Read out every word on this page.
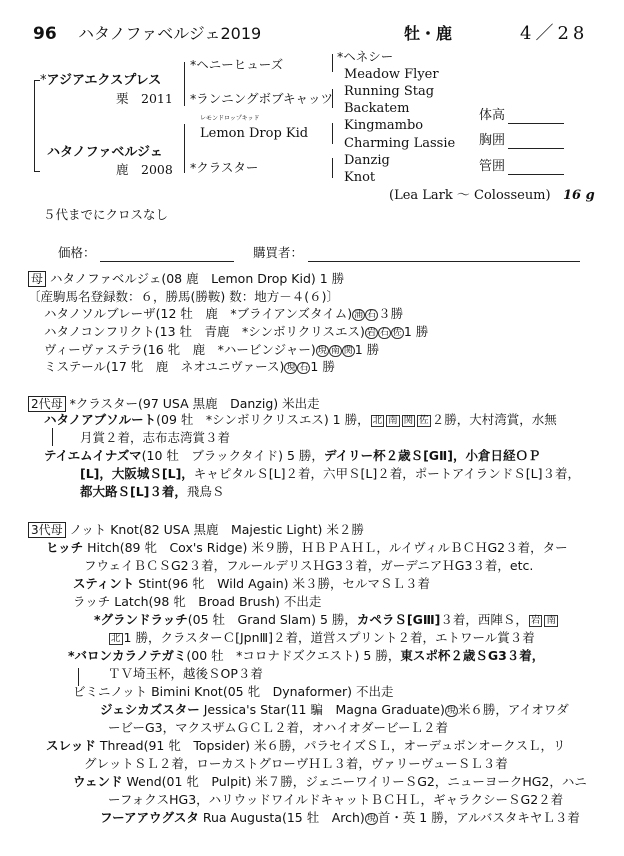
96 ハタノファベルジェ2019	牡・鹿	4／28
*アジアエクスプレス
栗　 2011
ハタノファベルジェ
鹿　 2008
*ヘニーヒューズ
*ランニングボブキャッツ
レモンドロップキッド
Lemon Drop Kid
*クラスター
*ヘネシー
Meadow Flyer
Running Stag
Backatem
Kingmambo
Charming Lassie
Danzig
Knot
(Lea Lark 〜 Colosseum) 16 g
体高
胸囲
管囲
５代までにクロスなし
価格：	購買者：
母 ハタノファベルジェ(08 鹿　Lemon Drop Kid) 1 勝
〔産駒馬名登録数：６，勝馬(勝鞍) 数：地方－４(６)〕
ハタノソルブレーザ(12 牡　鹿　*ブライアンズタイム) 浦 石 ３勝
ハタノコンフリクト(13 牡　青鹿　*シンボリクリスエス) 岩 石 佐 1 勝
ヴィーヴァステラ(16 牝　鹿　*ハービンジャー) 現 南 関 1 勝
ミステール(17 牝　鹿　ネオユニヴァース) 現 石 1 勝
2代母 *クラスター(97 USA 黒鹿　Danzig) 米出走
ハタノアブソルート(09 牡　*シンボリクリスエス) 1 勝， 北 南 関 佐 ２勝，大村湾賞，水無
月賞２着，志布志湾賞３着
テイエムイナズマ(10 牡　ブラックタイド) 5 勝，デイリー杯２歳Ｓ[GⅡ]，小倉日経ＯＰ
[L]，大阪城Ｓ[L]，キャピタルＳ[L]２着，六甲Ｓ[L]２着，ポートアイランドＳ[L]３着，
都大路Ｓ[L]３着，飛鳥Ｓ
3代母 ノット Knot(82 USA 黒鹿　Majestic Light) 米２勝
ヒッチ Hitch(89 牝　Cox's Ridge) 米９勝，ＨＢＰＡＨＬ，ルイヴィルＢＣＨG2３着，ター
フウェイＢＣＳG2３着，フルールデリスＨG3３着，ガーデニアＨG3３着，etc.
スティント Stint(96 牝　Wild Again) 米３勝，セルマＳＬ３着
ラッチ Latch(98 牝　Broad Brush) 不出走
*グランドラッチ(05 牡　Grand Slam) 5 勝，カペラＳ[GⅢ]３着，西陣Ｓ， 岩 南
北 1 勝，クラスターＣ[JpnⅢ]２着，道営スプリント２着，エトワール賞３着
*バロンカラノテガミ(00 牡　*コロナドズクエスト) 5 勝，東スポ杯２歳ＳG3３着，
ＴＶ埼玉杯，越後ＳOP３着
ビミニノット Bimini Knot(05 牝　Dynaformer) 不出走
ジェシカズスター Jessica's Star(11 騙　Magna Graduate) 現 米６勝，アイオワダ
ービーG3，マクスザムＧＣＬ２着，オハイオダービーＬ２着
スレッド Thread(91 牝　Topsider) 米６勝，パラセイズＳＬ，オーデュボンオークスＬ，リ
グレットＳＬ２着，ローカストグローヴＨＬ３着，ヴァリーヴューＳＬ３着
ウェンド Wend(01 牝　Pulpit) 米７勝，ジェニーワイリーＳG2，ニューヨークHG2，ハニ
ーフォクスHG3，ハリウッドワイルドキャットＢＣＨＬ，ギャラクシーＳG2２着
フーアアウグスタ Rua Augusta(15 牡　Arch) 現 首・英 1 勝，アルバスタキヤＬ３着
